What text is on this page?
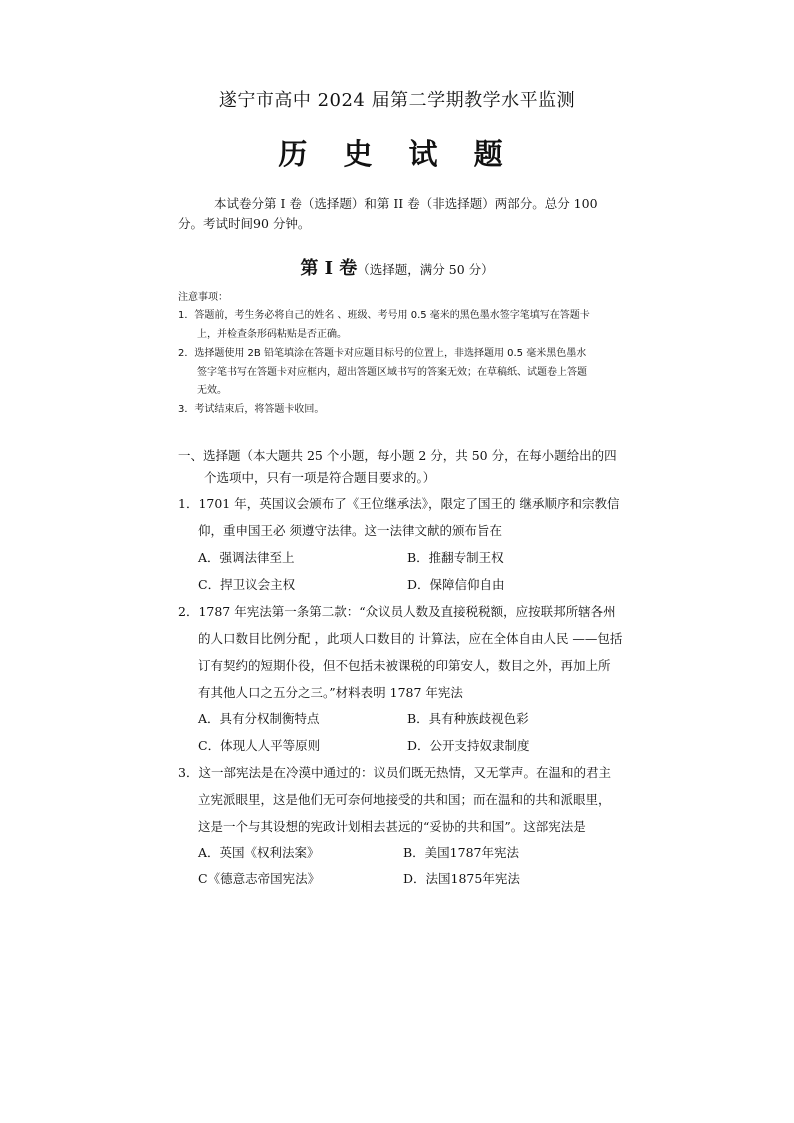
遂宁市高中 2024 届第二学期教学水平监测
历 史 试 题
本试卷分第 I 卷（选择题）和第 II 卷（非选择题）两部分。总分 100
分。考试时间90 分钟。
第 Ⅰ 卷（选择题，满分 50 分）
注意事项：
1．答题前，考生务必将自己的姓名 、班级、考号用 0.5 毫米的黑色墨水签字笔填写在答题卡
上，并检查条形码粘贴是否正确。
2．选择题使用 2B 铅笔填涂在答题卡对应题目标号的位置上，非选择题用 0.5 毫米黑色墨水
签字笔书写在答题卡对应框内，超出答题区域书写的答案无效；在草稿纸、试题卷上答题
无效。
3．考试结束后，将答题卡收回。
一、选择题（本大题共 25 个小题，每小题 2 分，共 50 分，在每小题给出的四
个选项中，只有一项是符合题目要求的。）
1．1701 年，英国议会颁布了《王位继承法》，限定了国王的 继承顺序和宗教信
仰，重申国王必 须遵守法律。这一法律文献的颁布旨在
A．强调法律至上	B．推翻专制王权
C．捍卫议会主权	D．保障信仰自由
2．1787 年宪法第一条第二款：“众议员人数及直接税税额，应按联邦所辖各州
的人口数目比例分配 ，此项人口数目的 计算法，应在全体自由人民 ——包括
订有契约的短期仆役，但不包括未被课税的印第安人，数目之外，再加上所
有其他人口之五分之三。”材料表明 1787 年宪法
A．具有分权制衡特点	B．具有种族歧视色彩
C．体现人人平等原则	D．公开支持奴隶制度
3．这一部宪法是在冷漠中通过的：议员们既无热情，又无掌声。在温和的君主
立宪派眼里，这是他们无可奈何地接受的共和国；而在温和的共和派眼里，
这是一个与其设想的宪政计划相去甚远的“妥协的共和国”。这部宪法是
A．英国《权利法案》	B．美国1787年宪法
C《德意志帝国宪法》	D．法国1875年宪法
